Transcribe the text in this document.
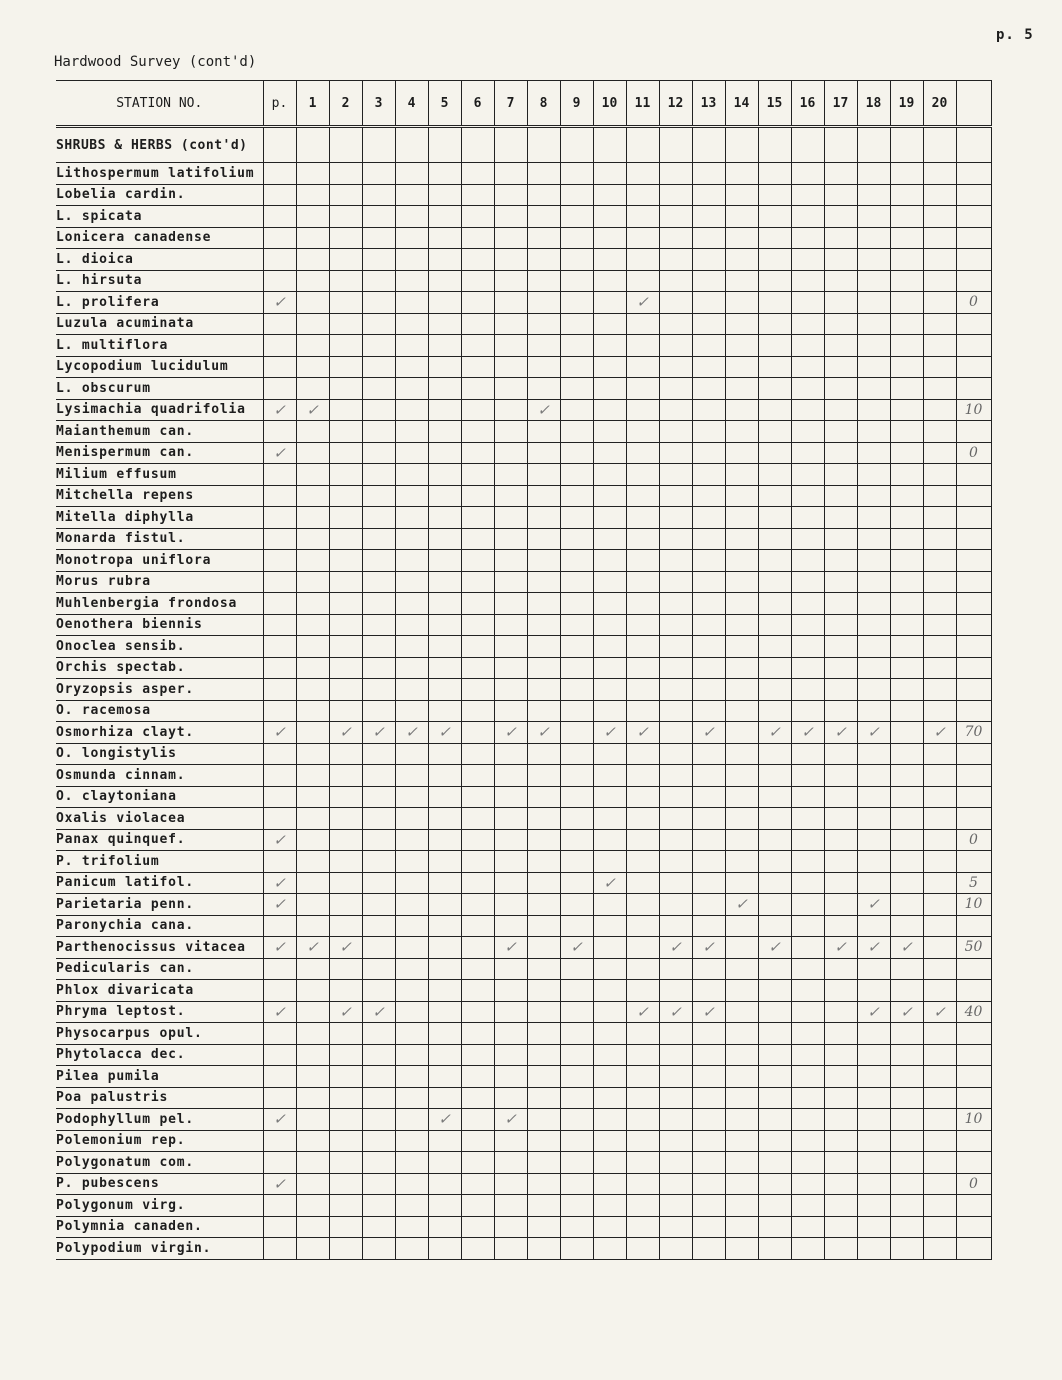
p. 5
Hardwood Survey (cont'd)
STATION NO.	p.	1	2	3	4	5	6	7	8	9	10	11	12	13	14	15	16	17	18	19	20	
SHRUBS & HERBS (cont'd)																						
Lithospermum latifolium																						
Lobelia cardin.																						
L. spicata																						
Lonicera canadense																						
L. dioica																						
L. hirsuta																						
L. prolifera	✓											✓										0
Luzula acuminata																						
L. multiflora																						
Lycopodium lucidulum																						
L. obscurum																						
Lysimachia quadrifolia	✓	✓							✓													10
Maianthemum can.																						
Menispermum can.	✓																					0
Milium effusum																						
Mitchella repens																						
Mitella diphylla																						
Monarda fistul.																						
Monotropa uniflora																						
Morus rubra																						
Muhlenbergia frondosa																						
Oenothera biennis																						
Onoclea sensib.																						
Orchis spectab.																						
Oryzopsis asper.																						
O. racemosa																						
Osmorhiza clayt.	✓		✓	✓	✓	✓		✓	✓		✓	✓		✓		✓	✓	✓	✓		✓	70
O. longistylis																						
Osmunda cinnam.																						
O. claytoniana																						
Oxalis violacea																						
Panax quinquef.	✓																					0
P. trifolium																						
Panicum latifol.	✓										✓											5
Parietaria penn.	✓														✓				✓			10
Paronychia cana.																						
Parthenocissus vitacea	✓	✓	✓					✓		✓			✓	✓		✓		✓	✓	✓		50
Pedicularis can.																						
Phlox divaricata																						
Phryma leptost.	✓		✓	✓								✓	✓	✓					✓	✓	✓	40
Physocarpus opul.																						
Phytolacca dec.																						
Pilea pumila																						
Poa palustris																						
Podophyllum pel.	✓					✓		✓														10
Polemonium rep.																						
Polygonatum com.																						
P. pubescens	✓																					0
Polygonum virg.																						
Polymnia canaden.																						
Polypodium virgin.																						
